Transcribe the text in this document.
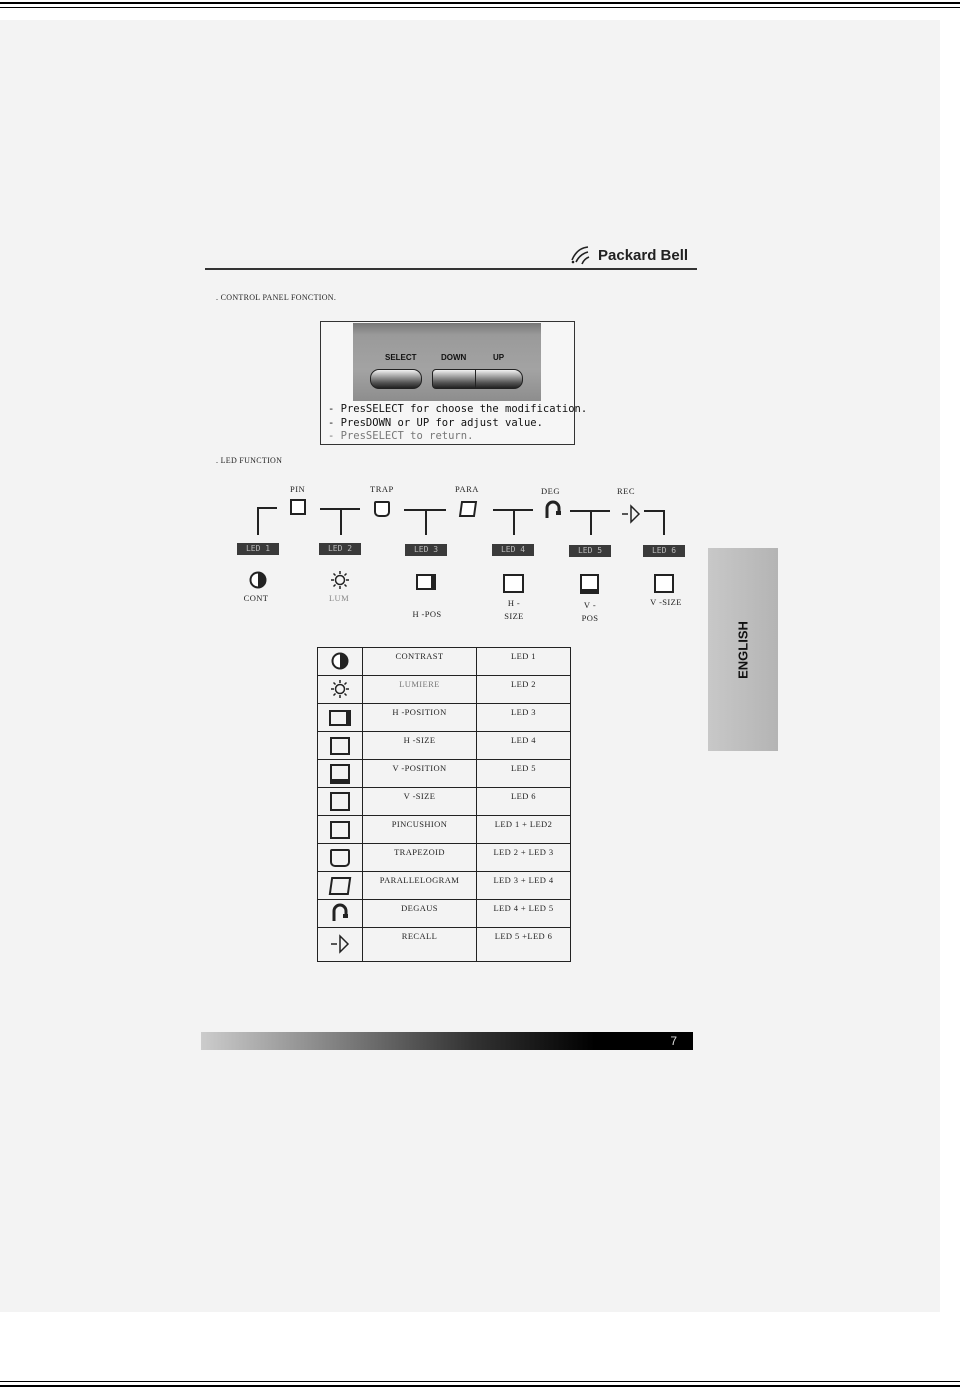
Packard Bell
. CONTROL PANEL FONCTION.
SELECT	DOWN	UP
- PresSELECT for choose the modification.
- PresDOWN or UP for adjust value.
- PresSELECT to return.
. LED FUNCTION
PIN	TRAP	PARA	DEG	REC
LED 1	LED 2	LED 3	LED 4	LED 5	LED 6
CONT	LUM
H -POS
H -
SIZE
V -
POS
V -SIZE
	CONTRAST	LED 1
	LUMIERE	LED 2
	H -POSITION	LED 3
	H -SIZE	LED 4
	V -POSITION	LED 5
	V -SIZE	LED 6
	PINCUSHION	LED 1 + LED2
	TRAPEZOID	LED 2 + LED 3
	PARALLELOGRAM	LED 3 + LED 4
	DEGAUS	LED 4 + LED 5
	RECALL	LED 5 +LED 6
ENGLISH
7
